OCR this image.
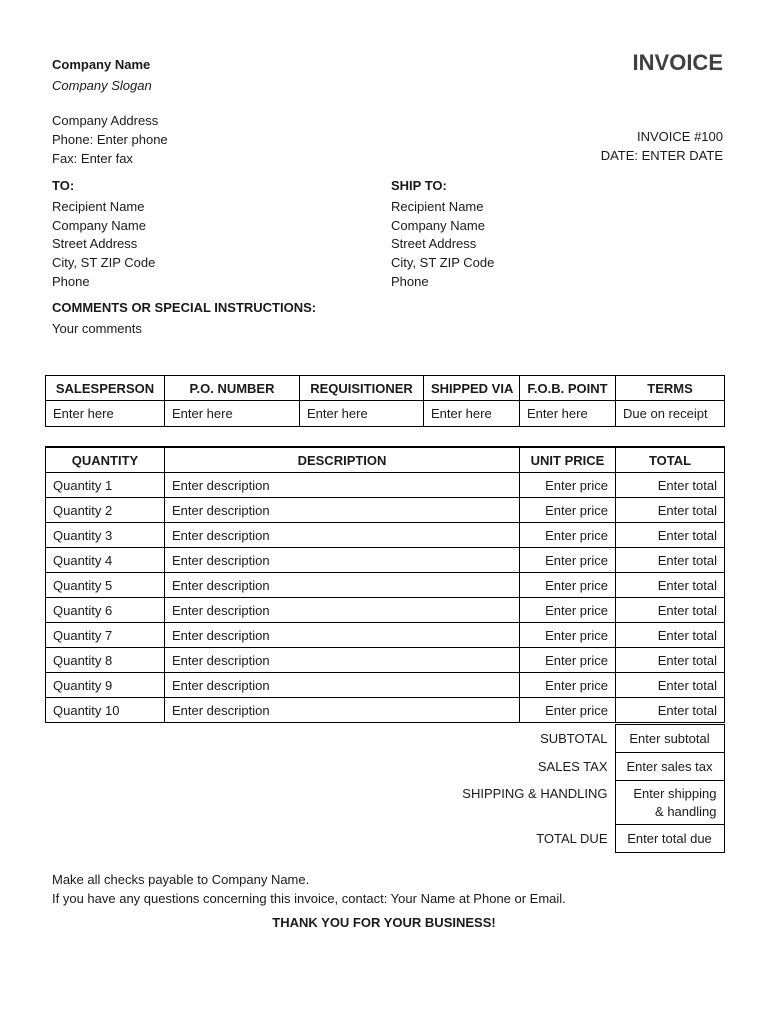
Company Name
Company Slogan
Company Address
Phone: Enter phone
Fax: Enter fax
INVOICE
INVOICE #100
DATE: ENTER DATE
TO:
Recipient Name
Company Name
Street Address
City, ST ZIP Code
Phone
SHIP TO:
Recipient Name
Company Name
Street Address
City, ST ZIP Code
Phone
COMMENTS OR SPECIAL INSTRUCTIONS:
Your comments
SALESPERSON	P.O. NUMBER	REQUISITIONER	SHIPPED VIA	F.O.B. POINT	TERMS
Enter here	Enter here	Enter here	Enter here	Enter here	Due on receipt
QUANTITY	DESCRIPTION	UNIT PRICE	TOTAL
Quantity 1	Enter description	Enter price	Enter total
Quantity 2	Enter description	Enter price	Enter total
Quantity 3	Enter description	Enter price	Enter total
Quantity 4	Enter description	Enter price	Enter total
Quantity 5	Enter description	Enter price	Enter total
Quantity 6	Enter description	Enter price	Enter total
Quantity 7	Enter description	Enter price	Enter total
Quantity 8	Enter description	Enter price	Enter total
Quantity 9	Enter description	Enter price	Enter total
Quantity 10	Enter description	Enter price	Enter total
	SUBTOTAL	Enter subtotal
	SALES TAX	Enter sales tax
	SHIPPING & HANDLING	Enter shipping
& handling
	TOTAL DUE	Enter total due
Make all checks payable to Company Name.
If you have any questions concerning this invoice, contact: Your Name at Phone or Email.
THANK YOU FOR YOUR BUSINESS!
